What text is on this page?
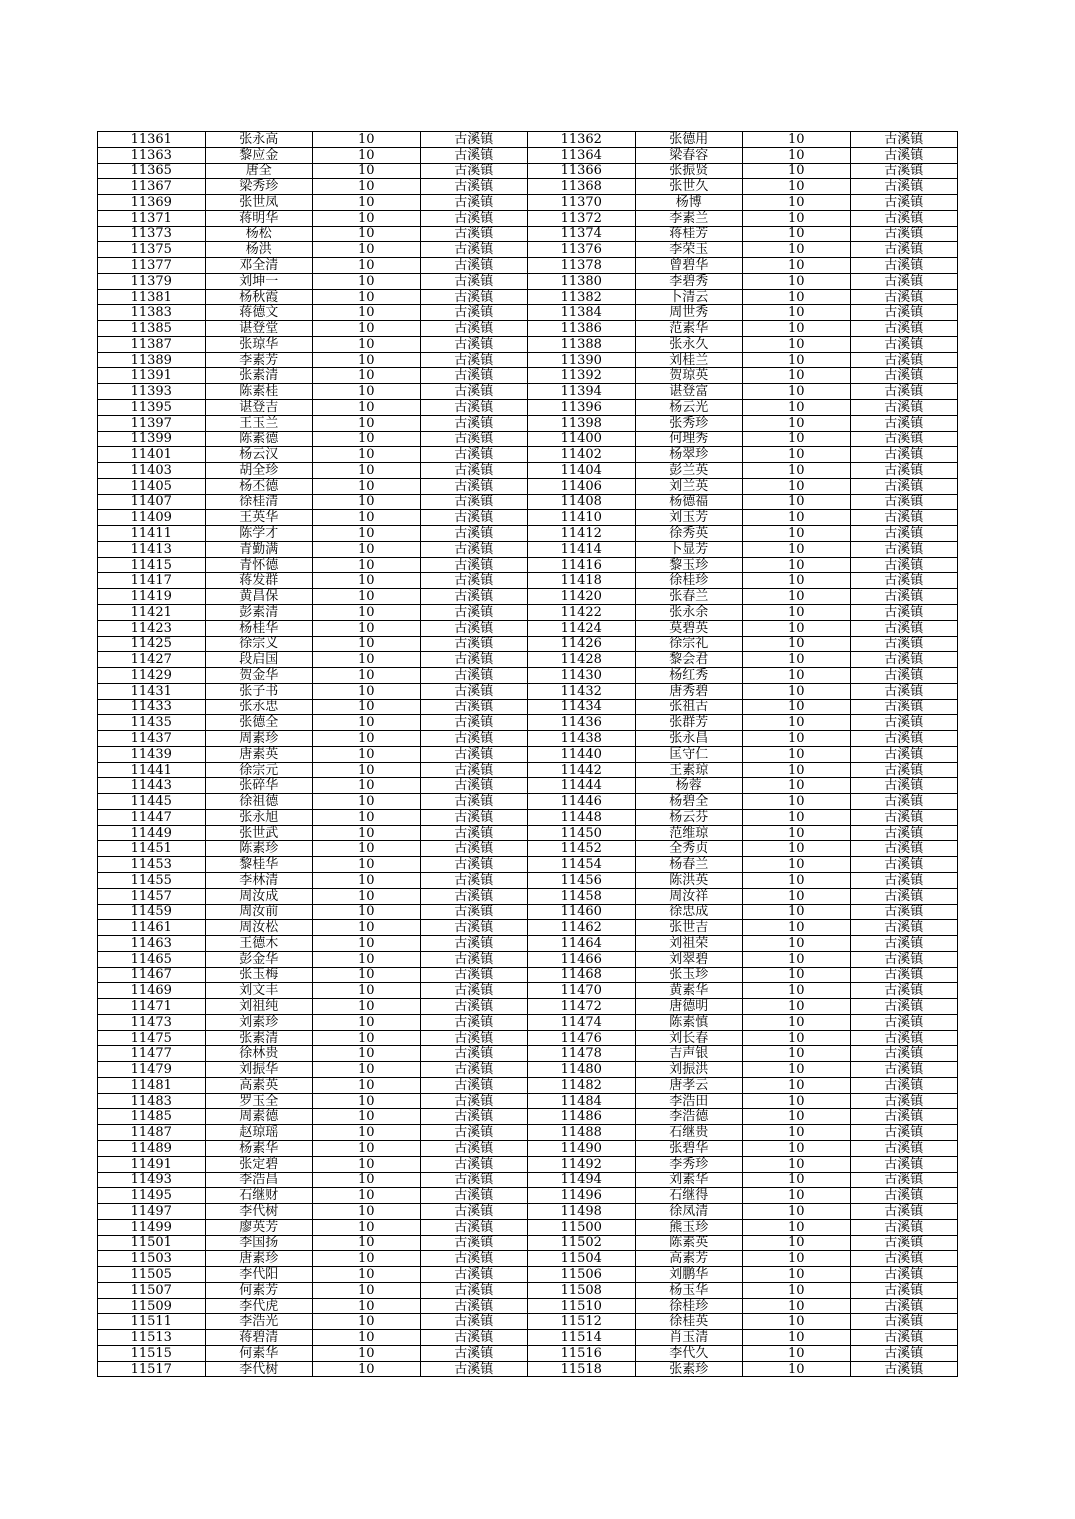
11361	张永高	10	古溪镇	11362	张德用	10	古溪镇
11363	黎应金	10	古溪镇	11364	梁春容	10	古溪镇
11365	唐全	10	古溪镇	11366	张振贤	10	古溪镇
11367	梁秀珍	10	古溪镇	11368	张世久	10	古溪镇
11369	张世凤	10	古溪镇	11370	杨博	10	古溪镇
11371	蒋明华	10	古溪镇	11372	李素兰	10	古溪镇
11373	杨松	10	古溪镇	11374	蒋桂芳	10	古溪镇
11375	杨洪	10	古溪镇	11376	李荣玉	10	古溪镇
11377	邓全清	10	古溪镇	11378	曾碧华	10	古溪镇
11379	刘坤一	10	古溪镇	11380	李碧秀	10	古溪镇
11381	杨秋霞	10	古溪镇	11382	卜清云	10	古溪镇
11383	蒋德文	10	古溪镇	11384	周世秀	10	古溪镇
11385	谌登堂	10	古溪镇	11386	范素华	10	古溪镇
11387	张琼华	10	古溪镇	11388	张永久	10	古溪镇
11389	李素芳	10	古溪镇	11390	刘桂兰	10	古溪镇
11391	张素清	10	古溪镇	11392	贺琼英	10	古溪镇
11393	陈素桂	10	古溪镇	11394	谌登富	10	古溪镇
11395	谌登吉	10	古溪镇	11396	杨云光	10	古溪镇
11397	王玉兰	10	古溪镇	11398	张秀珍	10	古溪镇
11399	陈素德	10	古溪镇	11400	何理秀	10	古溪镇
11401	杨云汉	10	古溪镇	11402	杨翠珍	10	古溪镇
11403	胡全珍	10	古溪镇	11404	彭兰英	10	古溪镇
11405	杨丕德	10	古溪镇	11406	刘兰英	10	古溪镇
11407	徐桂清	10	古溪镇	11408	杨德福	10	古溪镇
11409	王英华	10	古溪镇	11410	刘玉芳	10	古溪镇
11411	陈学才	10	古溪镇	11412	徐秀英	10	古溪镇
11413	青勤满	10	古溪镇	11414	卜显芳	10	古溪镇
11415	青怀德	10	古溪镇	11416	黎玉珍	10	古溪镇
11417	蒋发群	10	古溪镇	11418	徐桂珍	10	古溪镇
11419	黄昌保	10	古溪镇	11420	张春兰	10	古溪镇
11421	彭素清	10	古溪镇	11422	张永余	10	古溪镇
11423	杨桂华	10	古溪镇	11424	莫碧英	10	古溪镇
11425	徐宗义	10	古溪镇	11426	徐宗礼	10	古溪镇
11427	段启国	10	古溪镇	11428	黎会君	10	古溪镇
11429	贺金华	10	古溪镇	11430	杨红秀	10	古溪镇
11431	张子书	10	古溪镇	11432	唐秀碧	10	古溪镇
11433	张永忠	10	古溪镇	11434	张祖古	10	古溪镇
11435	张德全	10	古溪镇	11436	张群芳	10	古溪镇
11437	周素珍	10	古溪镇	11438	张永昌	10	古溪镇
11439	唐素英	10	古溪镇	11440	匡守仁	10	古溪镇
11441	徐宗元	10	古溪镇	11442	王素琼	10	古溪镇
11443	张碎华	10	古溪镇	11444	杨蓉	10	古溪镇
11445	徐祖德	10	古溪镇	11446	杨碧全	10	古溪镇
11447	张永旭	10	古溪镇	11448	杨云芬	10	古溪镇
11449	张世武	10	古溪镇	11450	范维琼	10	古溪镇
11451	陈素珍	10	古溪镇	11452	全秀贞	10	古溪镇
11453	黎桂华	10	古溪镇	11454	杨春兰	10	古溪镇
11455	李林清	10	古溪镇	11456	陈洪英	10	古溪镇
11457	周汝成	10	古溪镇	11458	周汝祥	10	古溪镇
11459	周汝前	10	古溪镇	11460	徐忠成	10	古溪镇
11461	周汝松	10	古溪镇	11462	张世吉	10	古溪镇
11463	王德木	10	古溪镇	11464	刘祖荣	10	古溪镇
11465	彭金华	10	古溪镇	11466	刘翠碧	10	古溪镇
11467	张玉梅	10	古溪镇	11468	张玉珍	10	古溪镇
11469	刘文丰	10	古溪镇	11470	黄素华	10	古溪镇
11471	刘祖纯	10	古溪镇	11472	唐德明	10	古溪镇
11473	刘素珍	10	古溪镇	11474	陈素慎	10	古溪镇
11475	张素清	10	古溪镇	11476	刘长春	10	古溪镇
11477	徐林贵	10	古溪镇	11478	吉声银	10	古溪镇
11479	刘振华	10	古溪镇	11480	刘振洪	10	古溪镇
11481	高素英	10	古溪镇	11482	唐孝云	10	古溪镇
11483	罗玉全	10	古溪镇	11484	李浩田	10	古溪镇
11485	周素德	10	古溪镇	11486	李浩德	10	古溪镇
11487	赵琼瑶	10	古溪镇	11488	石继贵	10	古溪镇
11489	杨素华	10	古溪镇	11490	张碧华	10	古溪镇
11491	张定碧	10	古溪镇	11492	李秀珍	10	古溪镇
11493	李浩昌	10	古溪镇	11494	刘素华	10	古溪镇
11495	石继财	10	古溪镇	11496	石继得	10	古溪镇
11497	李代树	10	古溪镇	11498	徐凤清	10	古溪镇
11499	廖英芳	10	古溪镇	11500	熊玉珍	10	古溪镇
11501	李国扬	10	古溪镇	11502	陈素英	10	古溪镇
11503	唐素珍	10	古溪镇	11504	高素芳	10	古溪镇
11505	李代阳	10	古溪镇	11506	刘鹏华	10	古溪镇
11507	何素芳	10	古溪镇	11508	杨玉华	10	古溪镇
11509	李代虎	10	古溪镇	11510	徐桂珍	10	古溪镇
11511	李浩光	10	古溪镇	11512	徐桂英	10	古溪镇
11513	蒋碧清	10	古溪镇	11514	肖玉清	10	古溪镇
11515	何素华	10	古溪镇	11516	李代久	10	古溪镇
11517	李代树	10	古溪镇	11518	张素珍	10	古溪镇
